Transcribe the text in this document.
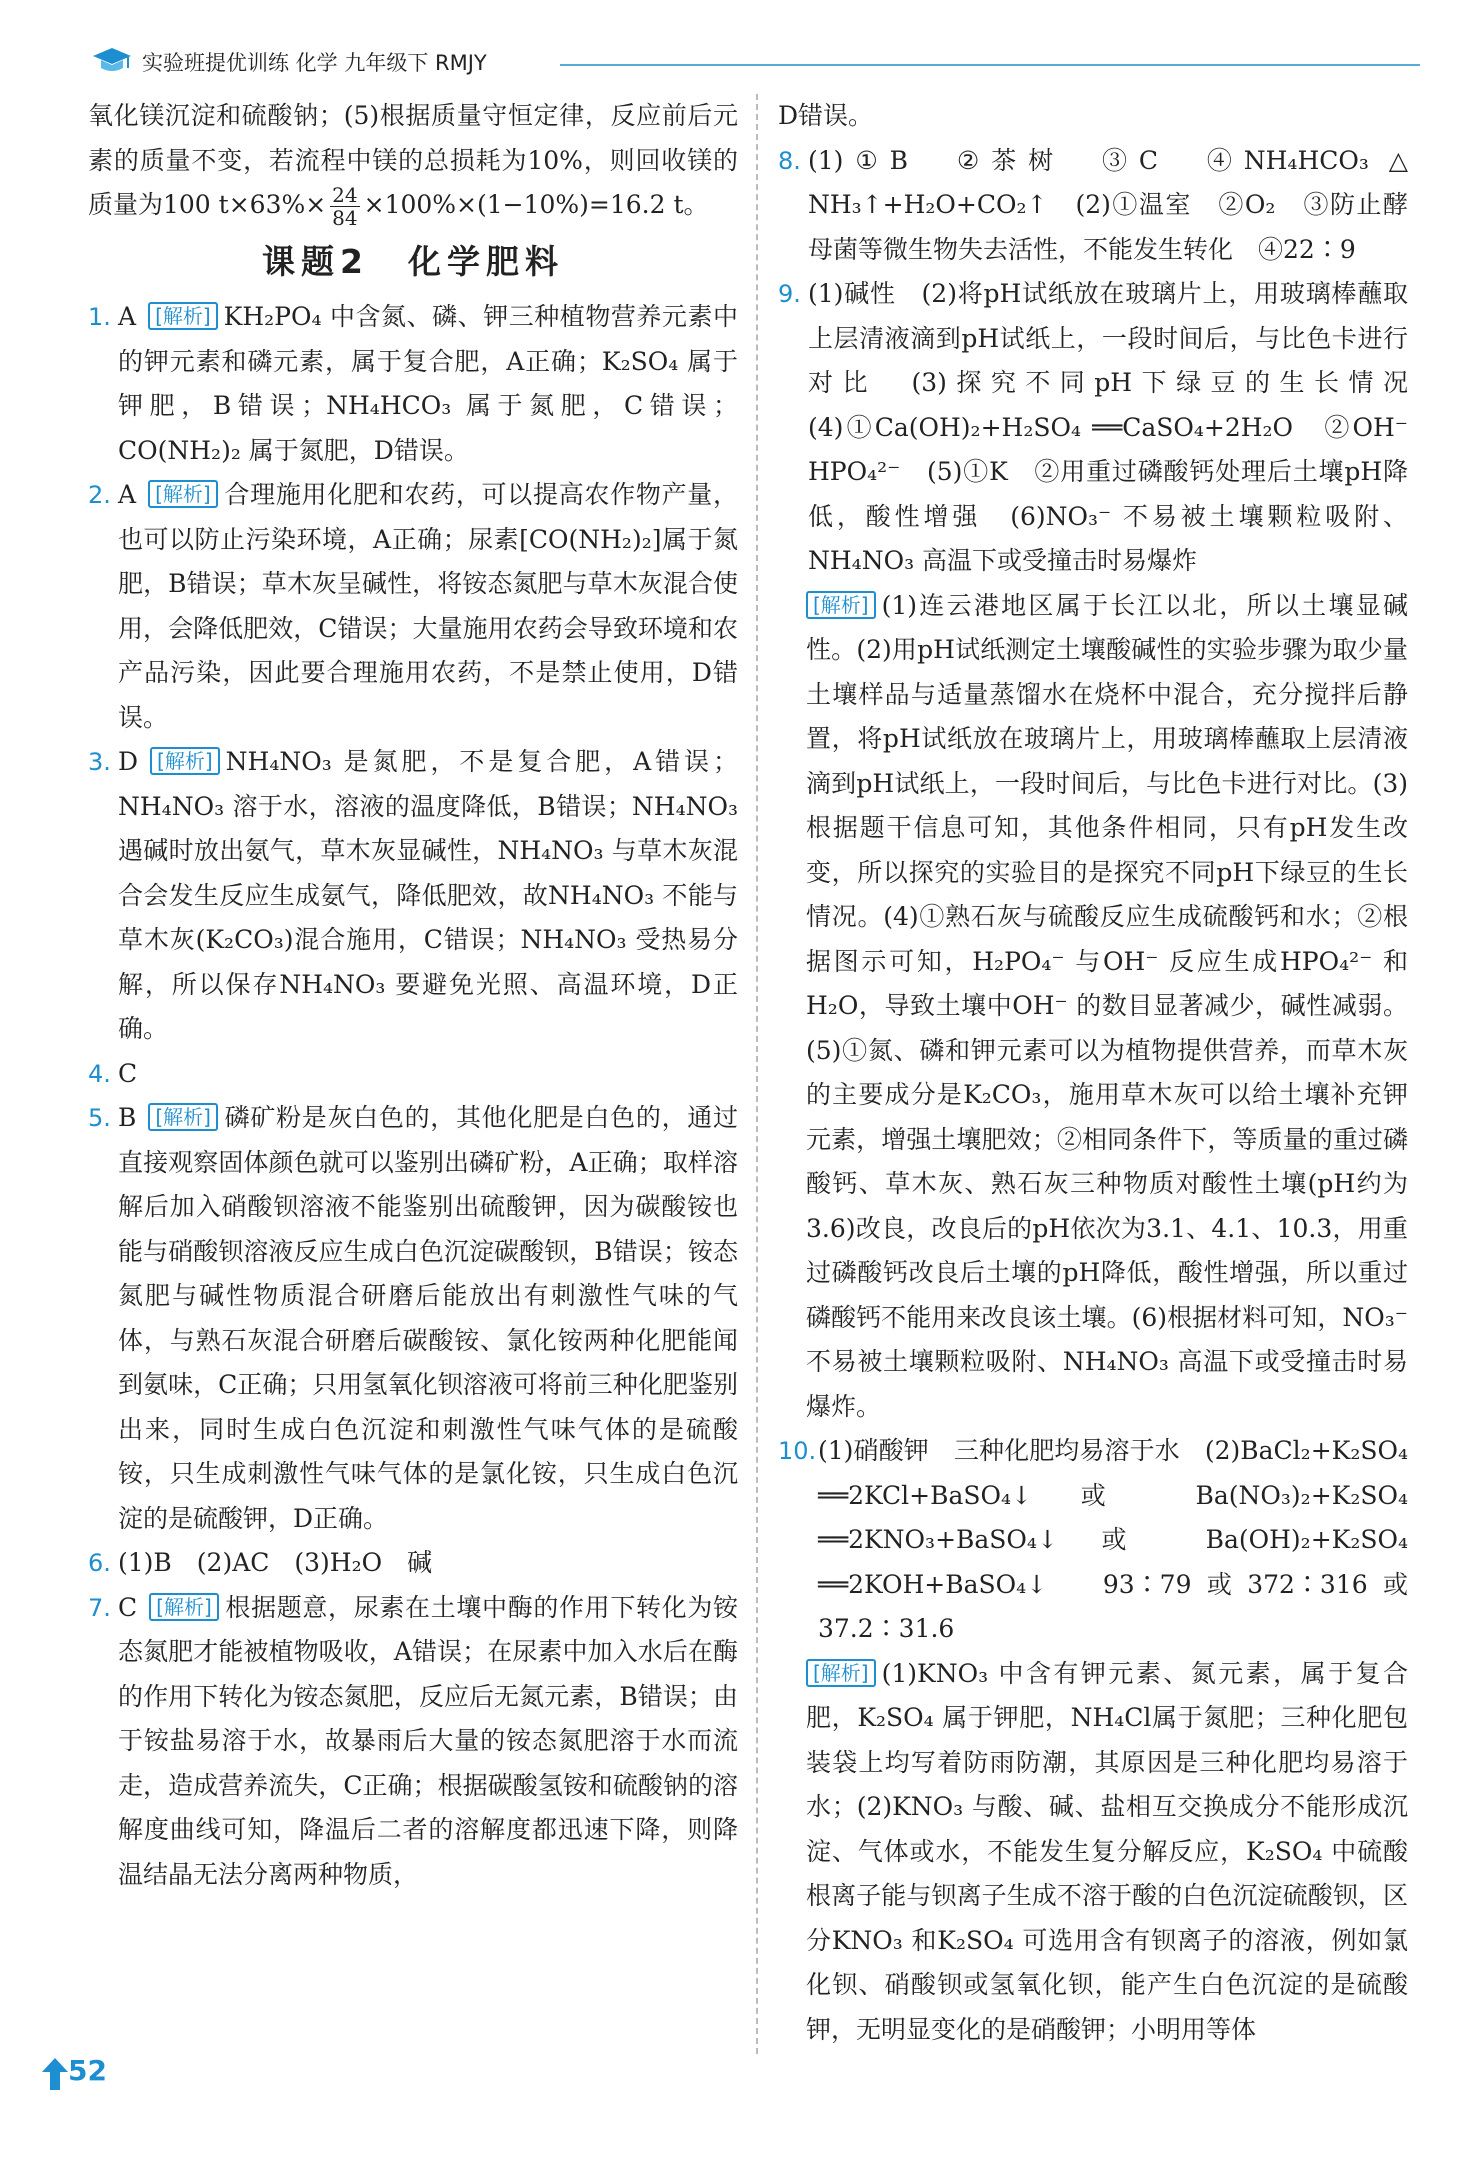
实验班提优训练 化学 九年级下 RMJY

氧化镁沉淀和硫酸钠；(5)根据质量守恒定律，反应前后元素的质量不变，若流程中镁的总损耗为10%，则回收镁的质量为100 $t\times 63\%\times \frac{24}{84} \times 100\%\times(1-10\%)=16.2$ t。

课题2　化学肥料
1. A [解析] KH₂PO₄ 中含氮、磷、钾三种植物营养元素中的钾元素和磷元素，属于复合肥，A正确；K₂SO₄ 属于钾肥，B错误；NH₄HCO₃ 属于氮肥，C错误；CO(NH₂)₂ 属于氮肥，D错误。
2. A [解析] 合理施用化肥和农药，可以提高农作物产量，也可以防止污染环境，A正确；尿素[CO(NH₂)₂]属于氮肥，B错误；草木灰呈碱性，将铵态氮肥与草木灰混合使用，会降低肥效，C错误；大量施用农药会导致环境和农产品污染，因此要合理施用农药，不是禁止使用，D错误。
3. D [解析] NH₄NO₃ 是氮肥，不是复合肥，A错误；NH₄NO₃ 溶于水，溶液的温度降低，B错误；NH₄NO₃ 遇碱时放出氨气，草木灰显碱性，NH₄NO₃ 与草木灰混合会发生反应生成氨气，降低肥效，故NH₄NO₃ 不能与草木灰(K₂CO₃)混合施用，C错误；NH₄NO₃ 受热易分解，所以保存NH₄NO₃ 要避免光照、高温环境，D正确。
4. C
5. B [解析] 磷矿粉是灰白色的，其他化肥是白色的，通过直接观察固体颜色就可以鉴别出磷矿粉，A正确；取样溶解后加入硝酸钡溶液不能鉴别出硫酸钾，因为碳酸铵也能与硝酸钡溶液反应生成白色沉淀碳酸钡，B错误；铵态氮肥与碱性物质混合研磨后能放出有刺激性气味的气体，与熟石灰混合研磨后碳酸铵、氯化铵两种化肥能闻到氨味，C正确；只用氢氧化钡溶液可将前三种化肥鉴别出来，同时生成白色沉淀和刺激性气味气体的是硫酸铵，只生成刺激性气味气体的是氯化铵，只生成白色沉淀的是硫酸钾，D正确。
6. (1)B　(2)AC　(3)H₂O　碱
7. C [解析] 根据题意，尿素在土壤中酶的作用下转化为铵态氮肥才能被植物吸收，A错误；在尿素中加入水后在酶的作用下转化为铵态氮肥，反应后无氮元素，B错误；由于铵盐易溶于水，故暴雨后大量的铵态氮肥溶于水而流走，造成营养流失，C正确；根据碳酸氢铵和硫酸钠的溶解度曲线可知，降温后二者的溶解度都迅速下降，则降温结晶无法分离两种物质，

D错误。

8. (1)①B　②茶树　③C　④NH₄HCO₃ △ NH₃↑+H₂O+CO₂↑　(2)①温室　②O₂　③防止酵母菌等微生物失去活性，不能发生转化　④22∶9
9. (1)碱性　(2)将pH试纸放在玻璃片上，用玻璃棒蘸取上层清液滴到pH试纸上，一段时间后，与比色卡进行对比　(3)探究不同pH下绿豆的生长情况　(4)①Ca(OH)₂+H₂SO₄ ══CaSO₄+2H₂O　②OH⁻　HPO₄²⁻　(5)①K　②用重过磷酸钙处理后土壤pH降低，酸性增强　(6)NO₃⁻ 不易被土壤颗粒吸附、NH₄NO₃ 高温下或受撞击时易爆炸
[解析] (1)连云港地区属于长江以北，所以土壤显碱性。(2)用pH试纸测定土壤酸碱性的实验步骤为取少量土壤样品与适量蒸馏水在烧杯中混合，充分搅拌后静置，将pH试纸放在玻璃片上，用玻璃棒蘸取上层清液滴到pH试纸上，一段时间后，与比色卡进行对比。(3)根据题干信息可知，其他条件相同，只有pH发生改变，所以探究的实验目的是探究不同pH下绿豆的生长情况。(4)①熟石灰与硫酸反应生成硫酸钙和水；②根据图示可知，H₂PO₄⁻ 与OH⁻ 反应生成HPO₄²⁻ 和H₂O，导致土壤中OH⁻ 的数目显著减少，碱性减弱。(5)①氮、磷和钾元素可以为植物提供营养，而草木灰的主要成分是K₂CO₃，施用草木灰可以给土壤补充钾元素，增强土壤肥效；②相同条件下，等质量的重过磷酸钙、草木灰、熟石灰三种物质对酸性土壤(pH约为3.6)改良，改良后的pH依次为3.1、4.1、10.3，用重过磷酸钙改良后土壤的pH降低，酸性增强，所以重过磷酸钙不能用来改良该土壤。(6)根据材料可知，NO₃⁻ 不易被土壤颗粒吸附、NH₄NO₃ 高温下或受撞击时易爆炸。
10. (1)硝酸钾　三种化肥均易溶于水　(2)BaCl₂+K₂SO₄ ══2KCl+BaSO₄↓ 或 Ba(NO₃)₂+K₂SO₄ ══2KNO₃+BaSO₄↓ 或 Ba(OH)₂+K₂SO₄ ══2KOH+BaSO₄↓　93∶79或372∶316或37.2∶31.6
[解析] (1)KNO₃ 中含有钾元素、氮元素，属于复合肥，K₂SO₄ 属于钾肥，NH₄Cl属于氮肥；三种化肥包装袋上均写着防雨防潮，其原因是三种化肥均易溶于水；(2)KNO₃ 与酸、碱、盐相互交换成分不能形成沉淀、气体或水，不能发生复分解反应，K₂SO₄ 中硫酸根离子能与钡离子生成不溶于酸的白色沉淀硫酸钡，区分KNO₃ 和K₂SO₄ 可选用含有钡离子的溶液，例如氯化钡、硝酸钡或氢氧化钡，能产生白色沉淀的是硫酸钾，无明显变化的是硝酸钾；小明用等体
52
